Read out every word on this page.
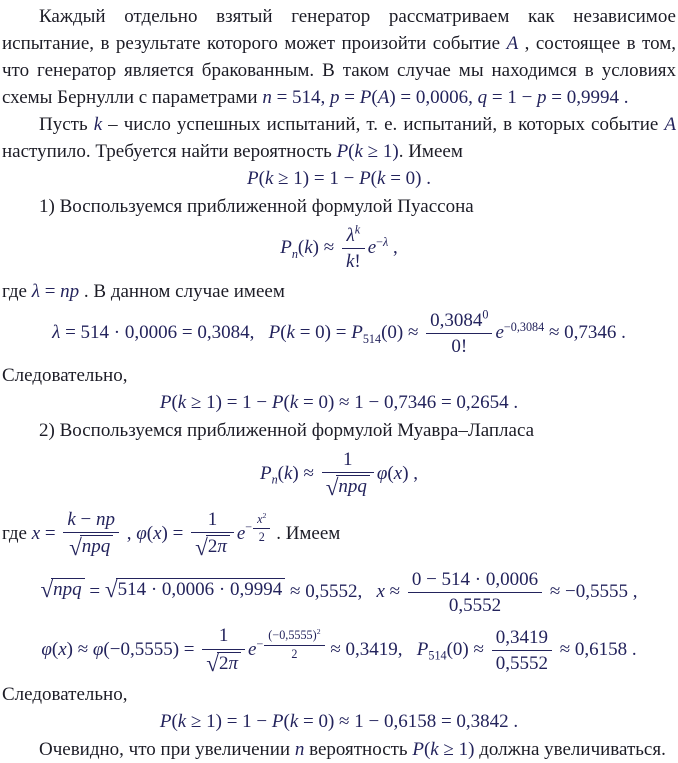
Каждый отдельно взятый генератор рассматриваем как независимое испытание, в результате которого может произойти событие A , состоящее в том, что генератор является бракованным. В таком случае мы находимся в условиях схемы Бернулли с параметрами n = 514, p = P(A) = 0,0006, q = 1 − p = 0,9994 .

Пусть k – число успешных испытаний, т. е. испытаний, в которых событие A наступило. Требуется найти вероятность P(k ≥ 1). Имеем

P(k ≥ 1) = 1 − P(k = 0) .

1) Воспользуемся приближенной формулой Пуассона

$P_n(k) \approx \frac{\lambda^k}{k!} e^{-\lambda}$ ,

где λ = np . В данном случае имеем

λ = 514 · 0,0006 = 0,3084,   $P(k = 0) = P_{514}(0) \approx \frac{0,3084^0}{0!} e^{-0,3084} \approx 0,7346$ .

Следовательно,

P(k ≥ 1) = 1 − P(k = 0) ≈ 1 − 0,7346 = 0,2654 .

2) Воспользуемся приближенной формулой Муавра–Лапласа

$P_n(k) \approx \frac{1}{\text{√ npq}} \varphi(x)$ ,
где $x = \frac{k - np}{\text{√ npq}}$ , $\varphi(x) = \frac{1}{√ 2\pi} e^{- \frac{x^2}{2}}$ . Имеем
√ npq = √ 514 · 0,0006 · 0,9994 ≈ 0,5552,   $x \approx \frac{0 - 514 \cdot 0,0006}{0,5552} \approx -0,5555$ ,
$\varphi(x) \approx \varphi(-0,5555) = \frac{1}{√ 2\pi} e^{- \frac{(-0,5555)^2}{2}} \approx 0,3419$,   $P_{514}(0) \approx \frac{0,3419}{0,5552} \approx 0,6158$ .

Следовательно,

P(k ≥ 1) = 1 − P(k = 0) ≈ 1 − 0,6158 = 0,3842 .

Очевидно, что при увеличении n вероятность P(k ≥ 1) должна увеличиваться.
